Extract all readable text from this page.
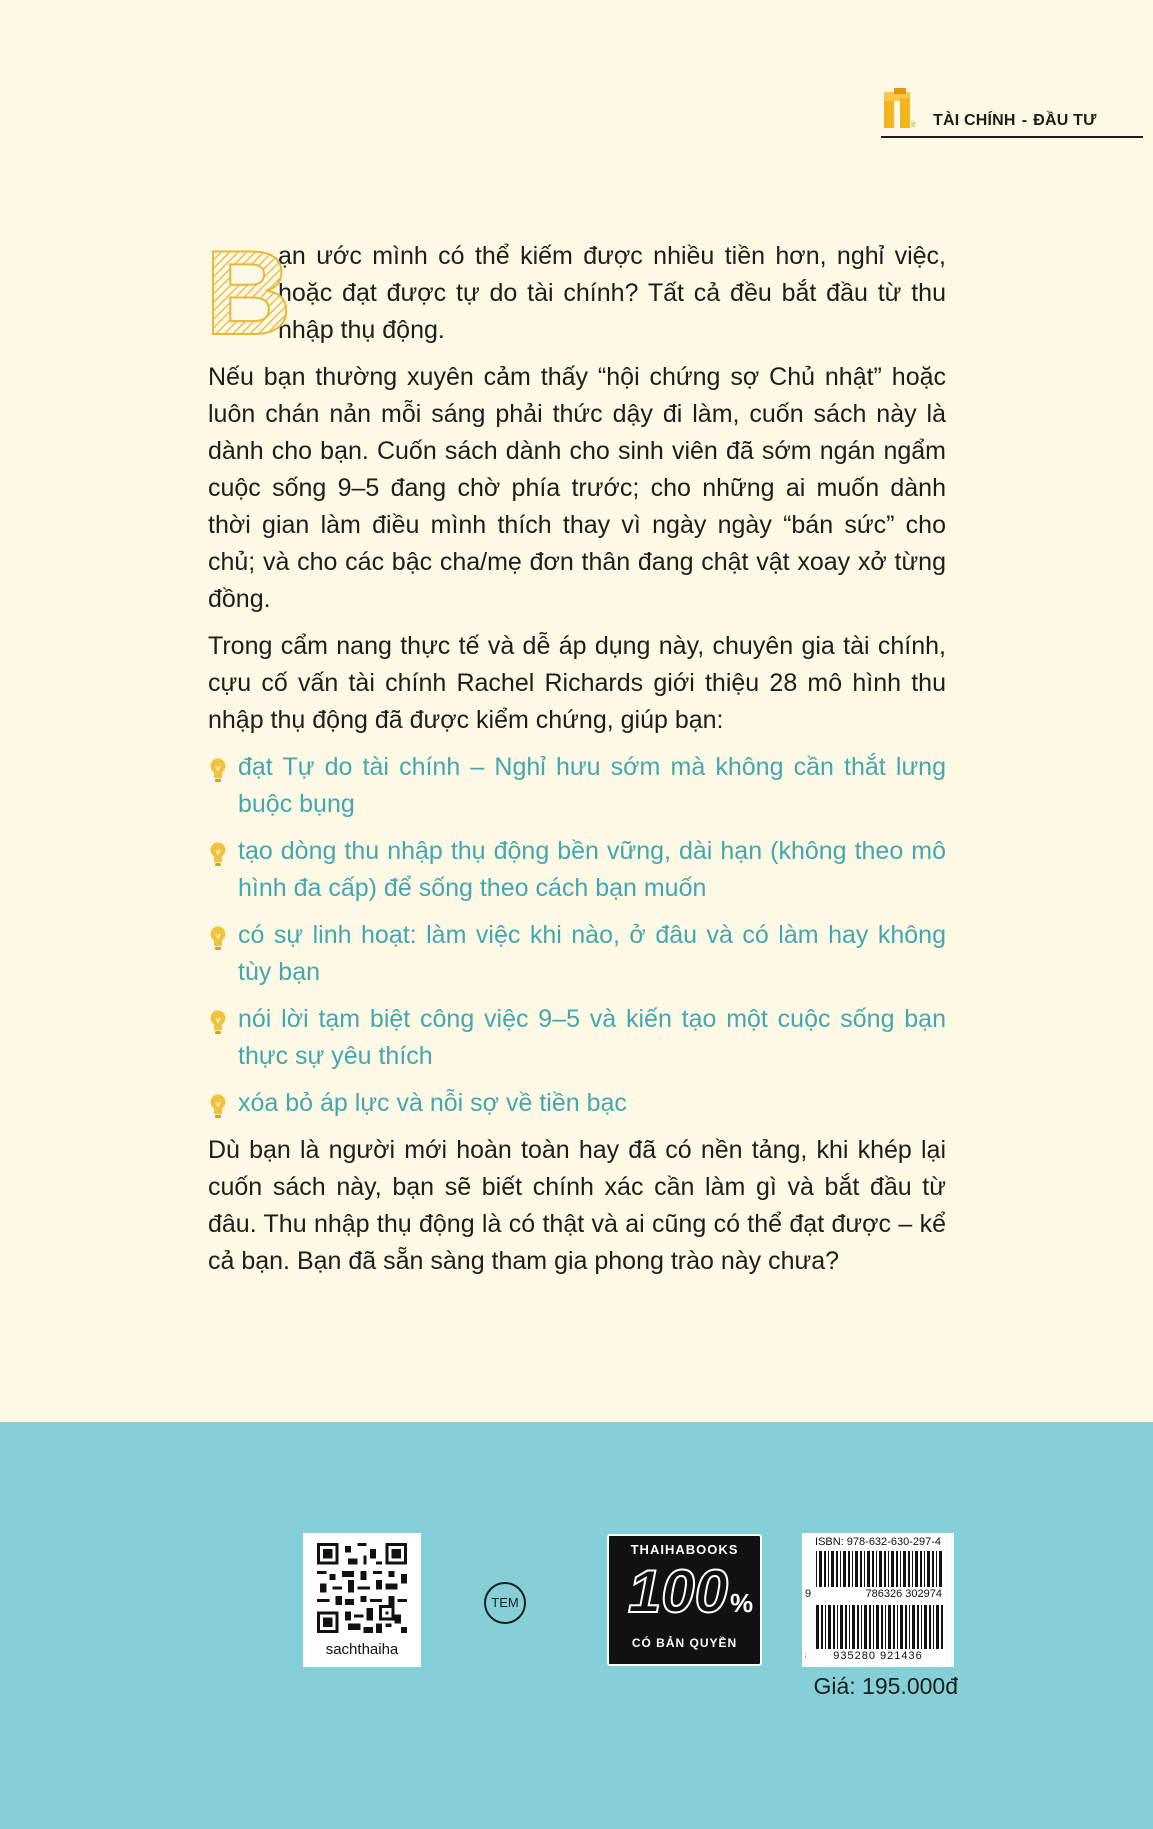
ir TÀI CHÍNH - ĐẦU TƯ
B
ạn ước mình có thể kiếm được nhiều tiền hơn, nghỉ việc, hoặc đạt được tự do tài chính? Tất cả đều bắt đầu từ thu nhập thụ động.

Nếu bạn thường xuyên cảm thấy “hội chứng sợ Chủ nhật” hoặc luôn chán nản mỗi sáng phải thức dậy đi làm, cuốn sách này là dành cho bạn. Cuốn sách dành cho sinh viên đã sớm ngán ngẩm cuộc sống 9–5 đang chờ phía trước; cho những ai muốn dành thời gian làm điều mình thích thay vì ngày ngày “bán sức” cho chủ; và cho các bậc cha/mẹ đơn thân đang chật vật xoay xở từng đồng.

Trong cẩm nang thực tế và dễ áp dụng này, chuyên gia tài chính, cựu cố vấn tài chính Rachel Richards giới thiệu 28 mô hình thu nhập thụ động đã được kiểm chứng, giúp bạn:

đạt Tự do tài chính – Nghỉ hưu sớm mà không cần thắt lưng buộc bụng
tạo dòng thu nhập thụ động bền vững, dài hạn (không theo mô hình đa cấp) để sống theo cách bạn muốn
có sự linh hoạt: làm việc khi nào, ở đâu và có làm hay không tùy bạn
nói lời tạm biệt công việc 9–5 và kiến tạo một cuộc sống bạn thực sự yêu thích
xóa bỏ áp lực và nỗi sợ về tiền bạc

Dù bạn là người mới hoàn toàn hay đã có nền tảng, khi khép lại cuốn sách này, bạn sẽ biết chính xác cần làm gì và bắt đầu từ đâu. Thu nhập thụ động là có thật và ai cũng có thể đạt được – kể cả bạn. Bạn đã sẵn sàng tham gia phong trào này chưa?

sachthaiha
TEM
THAIHABOOKS
100 %
CÓ BẢN QUYỀN
ISBN: 978-632-630-297-4
9	786326 302974
935280 921436
Giá: 195.000đ
